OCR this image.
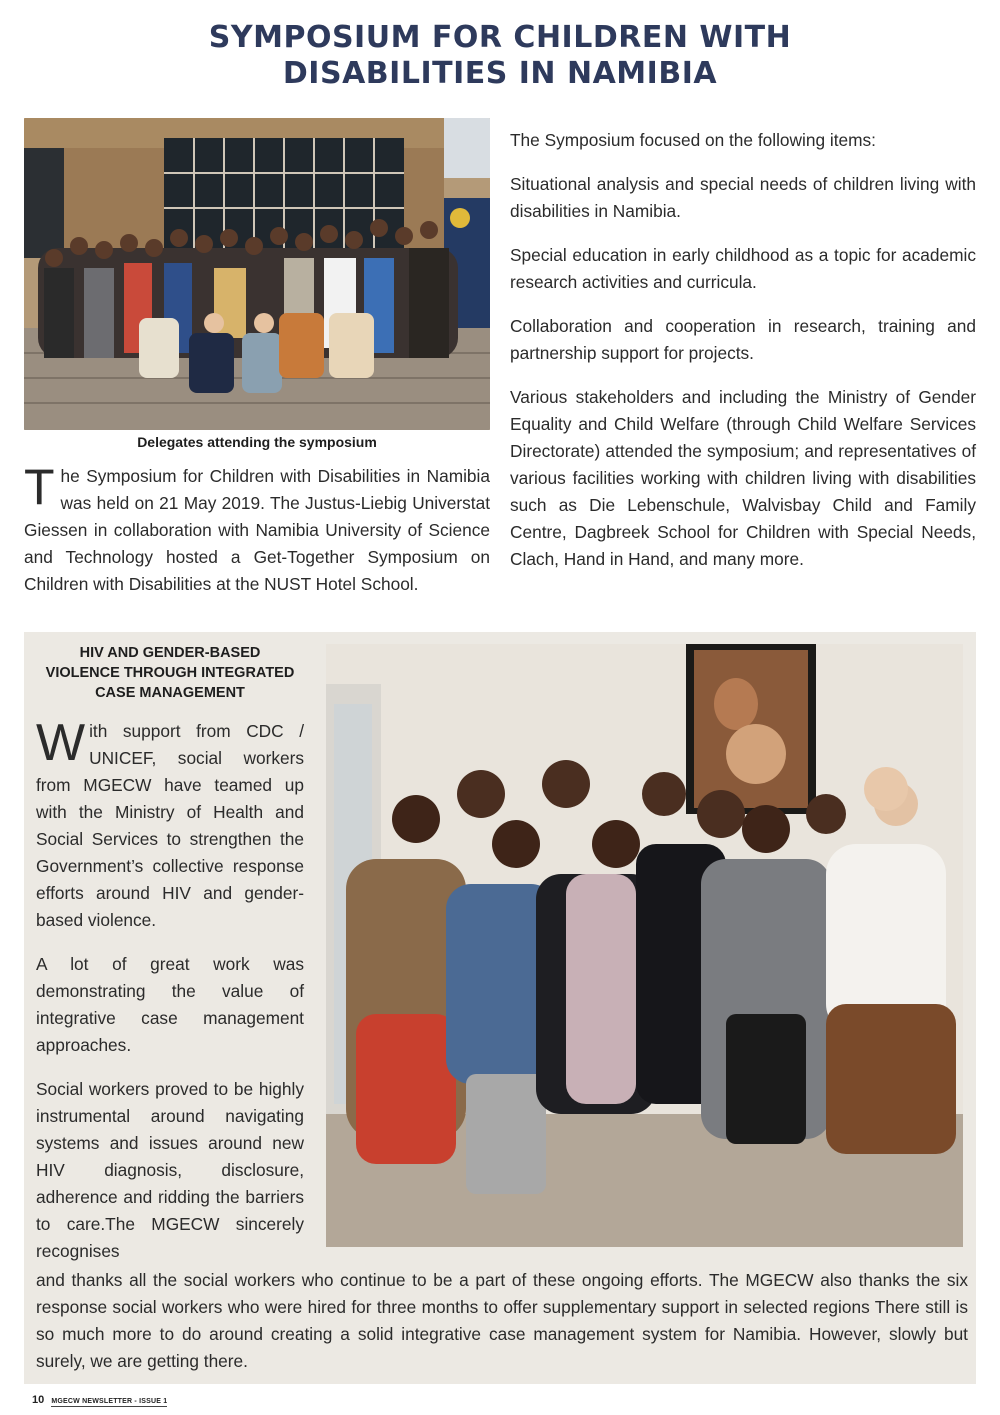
SYMPOSIUM FOR CHILDREN WITH
DISABILITIES IN NAMIBIA
Delegates attending the symposium
The Symposium for Children with Disabilities in Namibia was held on 21 May 2019. The Justus-Liebig Universtat Giessen in collaboration with Namibia University of Science and Technology hosted a Get-Together Symposium on Children with Disabilities at the NUST Hotel School.

The Symposium focused on the following items:

Situational analysis and special needs of children living with disabilities in Namibia.

Special education in early childhood as a topic for academic research activities and curricula.

Collaboration and cooperation in research, training and partnership support for projects.

Various stakeholders and including the Ministry of Gender Equality and Child Welfare (through Child Welfare Services Directorate) attended the symposium; and representatives of various facilities working with children living with disabilities such as Die Lebenschule, Walvisbay Child and Family Centre, Dagbreek School for Children with Special Needs, Clach, Hand in Hand, and many more.

HIV AND GENDER-BASED
VIOLENCE THROUGH INTEGRATED
CASE MANAGEMENT

With support from CDC / UNICEF, social workers from MGECW have teamed up with the Ministry of Health and Social Services to strengthen the Government’s collective response efforts around HIV and gender-based violence.

A lot of great work was demonstrating the value of integrative case management approaches.

Social workers proved to be highly instrumental around navigating systems and issues around new HIV diagnosis, disclosure, adherence and ridding the barriers to care.The MGECW sincerely recognises

and thanks all the social workers who continue to be a part of these ongoing efforts. The MGECW also thanks the six response social workers who were hired for three months to offer supplementary support in selected regions There still is so much more to do around creating a solid integrative case management system for Namibia. However, slowly but surely, we are getting there.
10 MGECW NEWSLETTER - ISSUE 1
